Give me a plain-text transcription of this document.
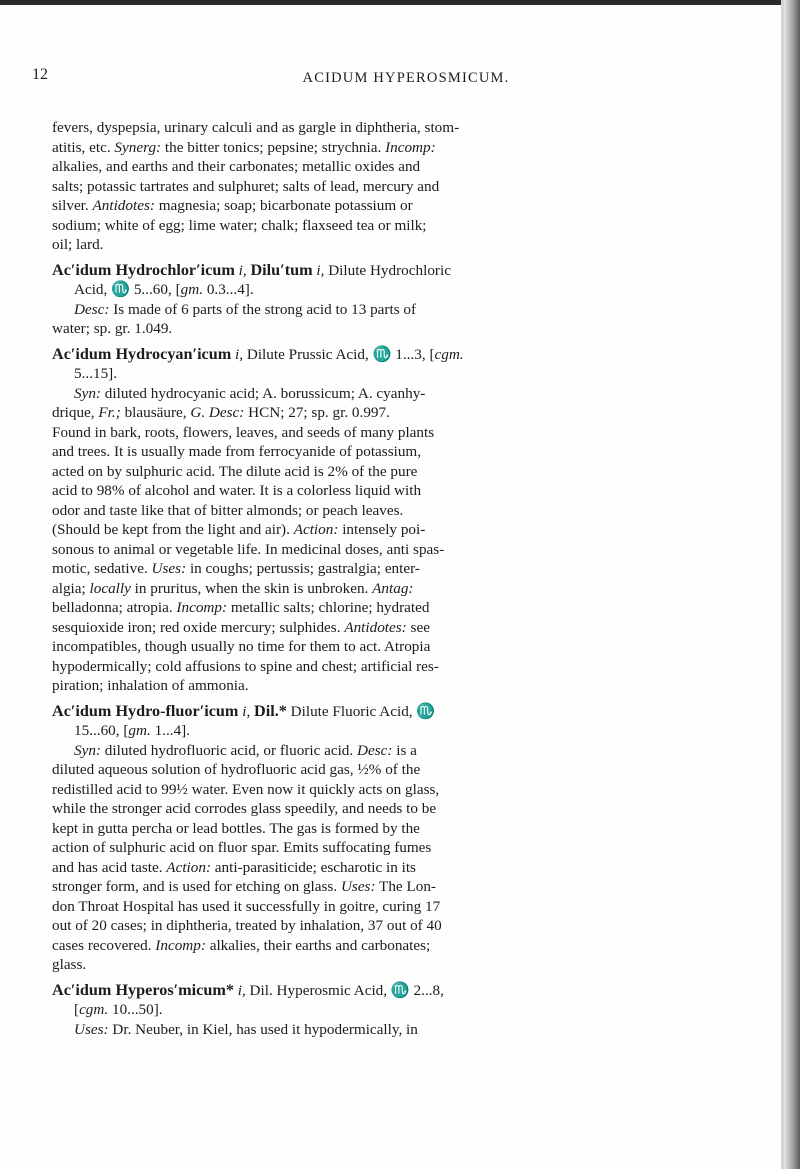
12	ACIDUM HYPEROSMICUM.
fevers, dyspepsia, urinary calculi and as gargle in diphtheria, stom-
atitis, etc. Synerg: the bitter tonics; pepsine; strychnia. Incomp:
alkalies, and earths and their carbonates; metallic oxides and
salts; potassic tartrates and sulphuret; salts of lead, mercury and
silver. Antidotes: magnesia; soap; bicarbonate potassium or
sodium; white of egg; lime water; chalk; flaxseed tea or milk;
oil; lard.
Ac′idum Hydrochlor′icum i, Dilu′tum i, Dilute Hydrochloric
Acid, ♏ 5...60, [gm. 0.3...4].
Desc: Is made of 6 parts of the strong acid to 13 parts of
water; sp. gr. 1.049.
Ac′idum Hydrocyan′icum i, Dilute Prussic Acid, ♏ 1...3, [cgm.
5...15].
Syn: diluted hydrocyanic acid; A. borussicum; A. cyanhy-
drique, Fr.; blausäure, G. Desc: HCN; 27; sp. gr. 0.997.
Found in bark, roots, flowers, leaves, and seeds of many plants
and trees. It is usually made from ferrocyanide of potassium,
acted on by sulphuric acid. The dilute acid is 2% of the pure
acid to 98% of alcohol and water. It is a colorless liquid with
odor and taste like that of bitter almonds; or peach leaves.
(Should be kept from the light and air). Action: intensely poi-
sonous to animal or vegetable life. In medicinal doses, anti spas-
motic, sedative. Uses: in coughs; pertussis; gastralgia; enter-
algia; locally in pruritus, when the skin is unbroken. Antag:
belladonna; atropia. Incomp: metallic salts; chlorine; hydrated
sesquioxide iron; red oxide mercury; sulphides. Antidotes: see
incompatibles, though usually no time for them to act. Atropia
hypodermically; cold affusions to spine and chest; artificial res-
piration; inhalation of ammonia.
Ac′idum Hydro-fluor′icum i, Dil.* Dilute Fluoric Acid, ♏
15...60, [gm. 1...4].
Syn: diluted hydrofluoric acid, or fluoric acid. Desc: is a
diluted aqueous solution of hydrofluoric acid gas, ½% of the
redistilled acid to 99½ water. Even now it quickly acts on glass,
while the stronger acid corrodes glass speedily, and needs to be
kept in gutta percha or lead bottles. The gas is formed by the
action of sulphuric acid on fluor spar. Emits suffocating fumes
and has acid taste. Action: anti-parasiticide; escharotic in its
stronger form, and is used for etching on glass. Uses: The Lon-
don Throat Hospital has used it successfully in goitre, curing 17
out of 20 cases; in diphtheria, treated by inhalation, 37 out of 40
cases recovered. Incomp: alkalies, their earths and carbonates;
glass.
Ac′idum Hyperos′micum* i, Dil. Hyperosmic Acid, ♏ 2...8,
[cgm. 10...50].
Uses: Dr. Neuber, in Kiel, has used it hypodermically, in
